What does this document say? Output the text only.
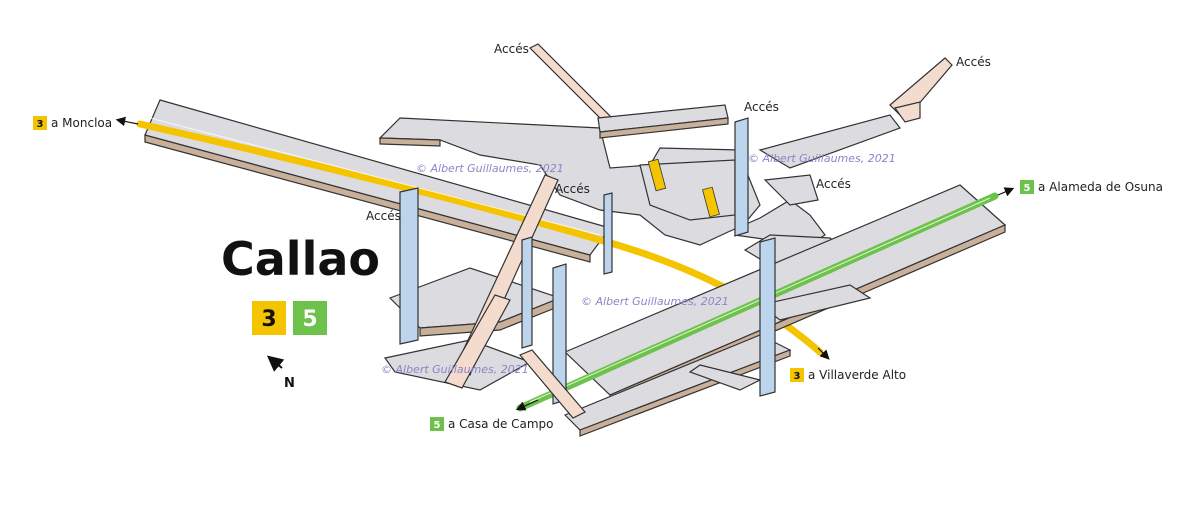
Callao
3 5
N
3 a Moncloa
3 a Villaverde Alto
5 a Alameda de Osuna
5 a Casa de Campo
Accés
Accés
Accés
Accés
Accés
Accés
© Albert Guillaumes, 2021
© Albert Guillaumes, 2021
© Albert Guillaumes, 2021
© Albert Guillaumes, 2021
